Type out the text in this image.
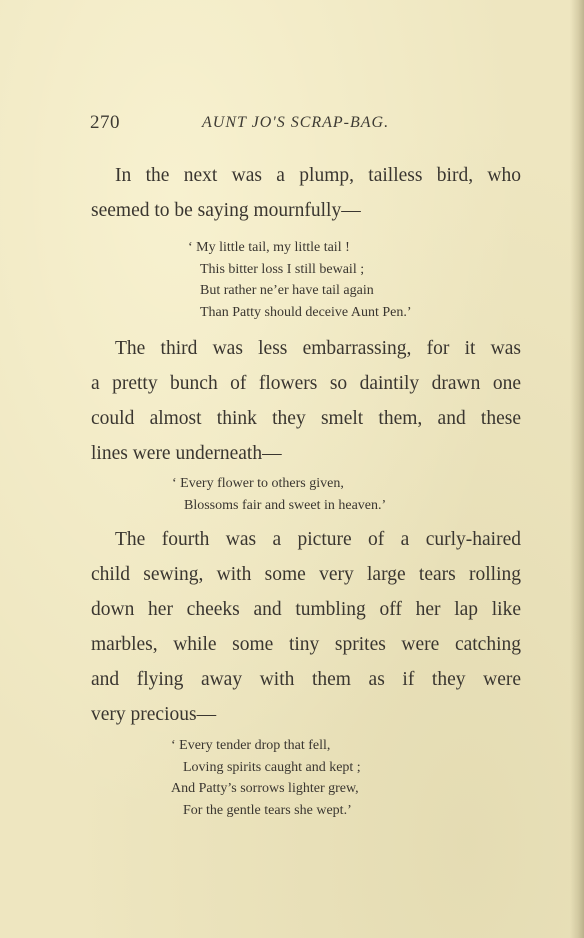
270	AUNT JO'S SCRAP-BAG.
In the next was a plump, tailless bird, who
seemed to be saying mournfully—
‘ My little tail, my little tail !
This bitter loss I still bewail ;
But rather ne’er have tail again
Than Patty should deceive Aunt Pen.’
The third was less embarrassing, for it was
a pretty bunch of flowers so daintily drawn one
could almost think they smelt them, and these
lines were underneath—
‘ Every flower to others given,
Blossoms fair and sweet in heaven.’
The fourth was a picture of a curly-haired
child sewing, with some very large tears rolling
down her cheeks and tumbling off her lap like
marbles, while some tiny sprites were catching
and flying away with them as if they were
very precious—
‘ Every tender drop that fell,
Loving spirits caught and kept ;
And Patty’s sorrows lighter grew,
For the gentle tears she wept.’
